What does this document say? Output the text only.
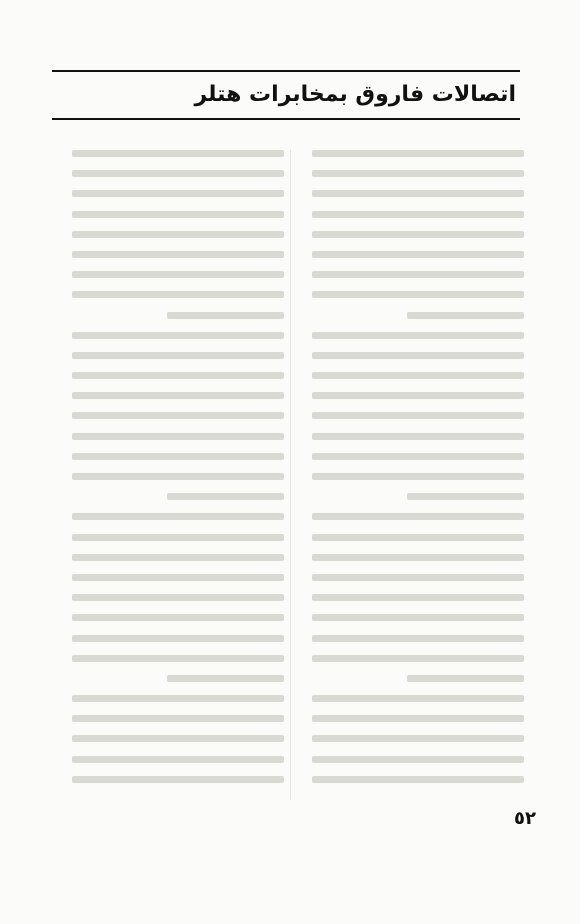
اتصالات فاروق بمخابرات هتلر
٥٢
